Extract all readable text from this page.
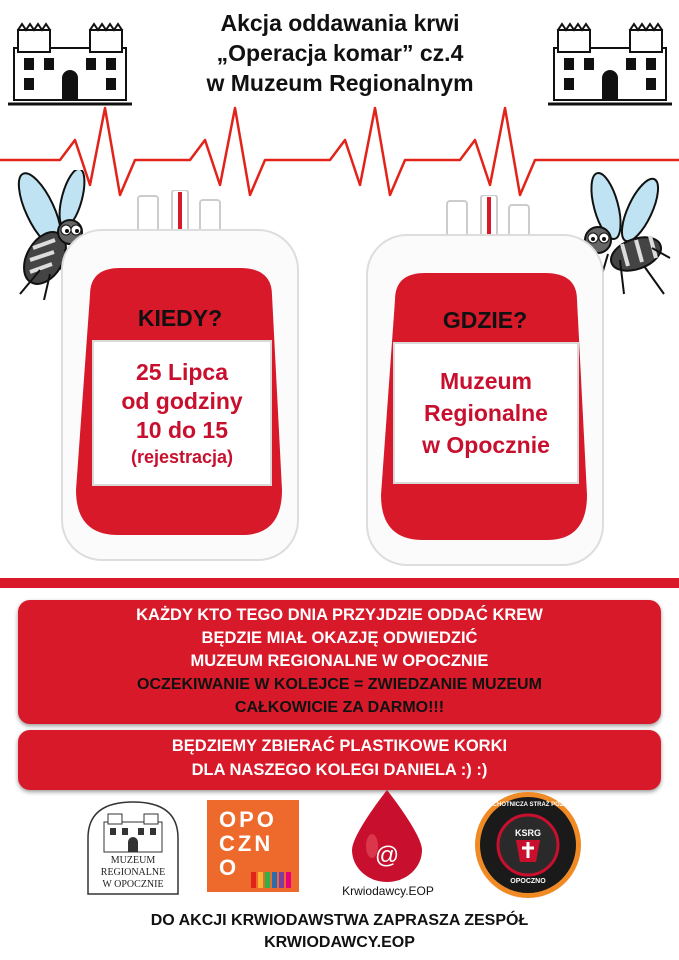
Akcja oddawania krwi
„Operacja komar” cz.4
w Muzeum Regionalnym
KIEDY?
25 Lipca
od godziny
10 do 15
(rejestracja)
GDZIE?
Muzeum
Regionalne
w Opocznie
KAŻDY KTO TEGO DNIA PRZYJDZIE ODDAĆ KREW
BĘDZIE MIAŁ OKAZJĘ ODWIEDZIĆ
MUZEUM REGIONALNE W OPOCZNIE
OCZEKIWANIE W KOLEJCE = ZWIEDZANIE MUZEUM
CAŁKOWICIE ZA DARMO!!!
BĘDZIEMY ZBIERAĆ PLASTIKOWE KORKI
DLA NASZEGO KOLEGI DANIELA :) :)
MUZEUM
REGIONALNE
W OPOCZNIE
OPO
CZN
O	@
Krwiodawcy.EOP
OCHOTNICZA STRAŻ POŻARNA
KSRG
OPOCZNO
DO AKCJI KRWIODAWSTWA ZAPRASZA ZESPÓŁ
KRWIODAWCY.EOP
